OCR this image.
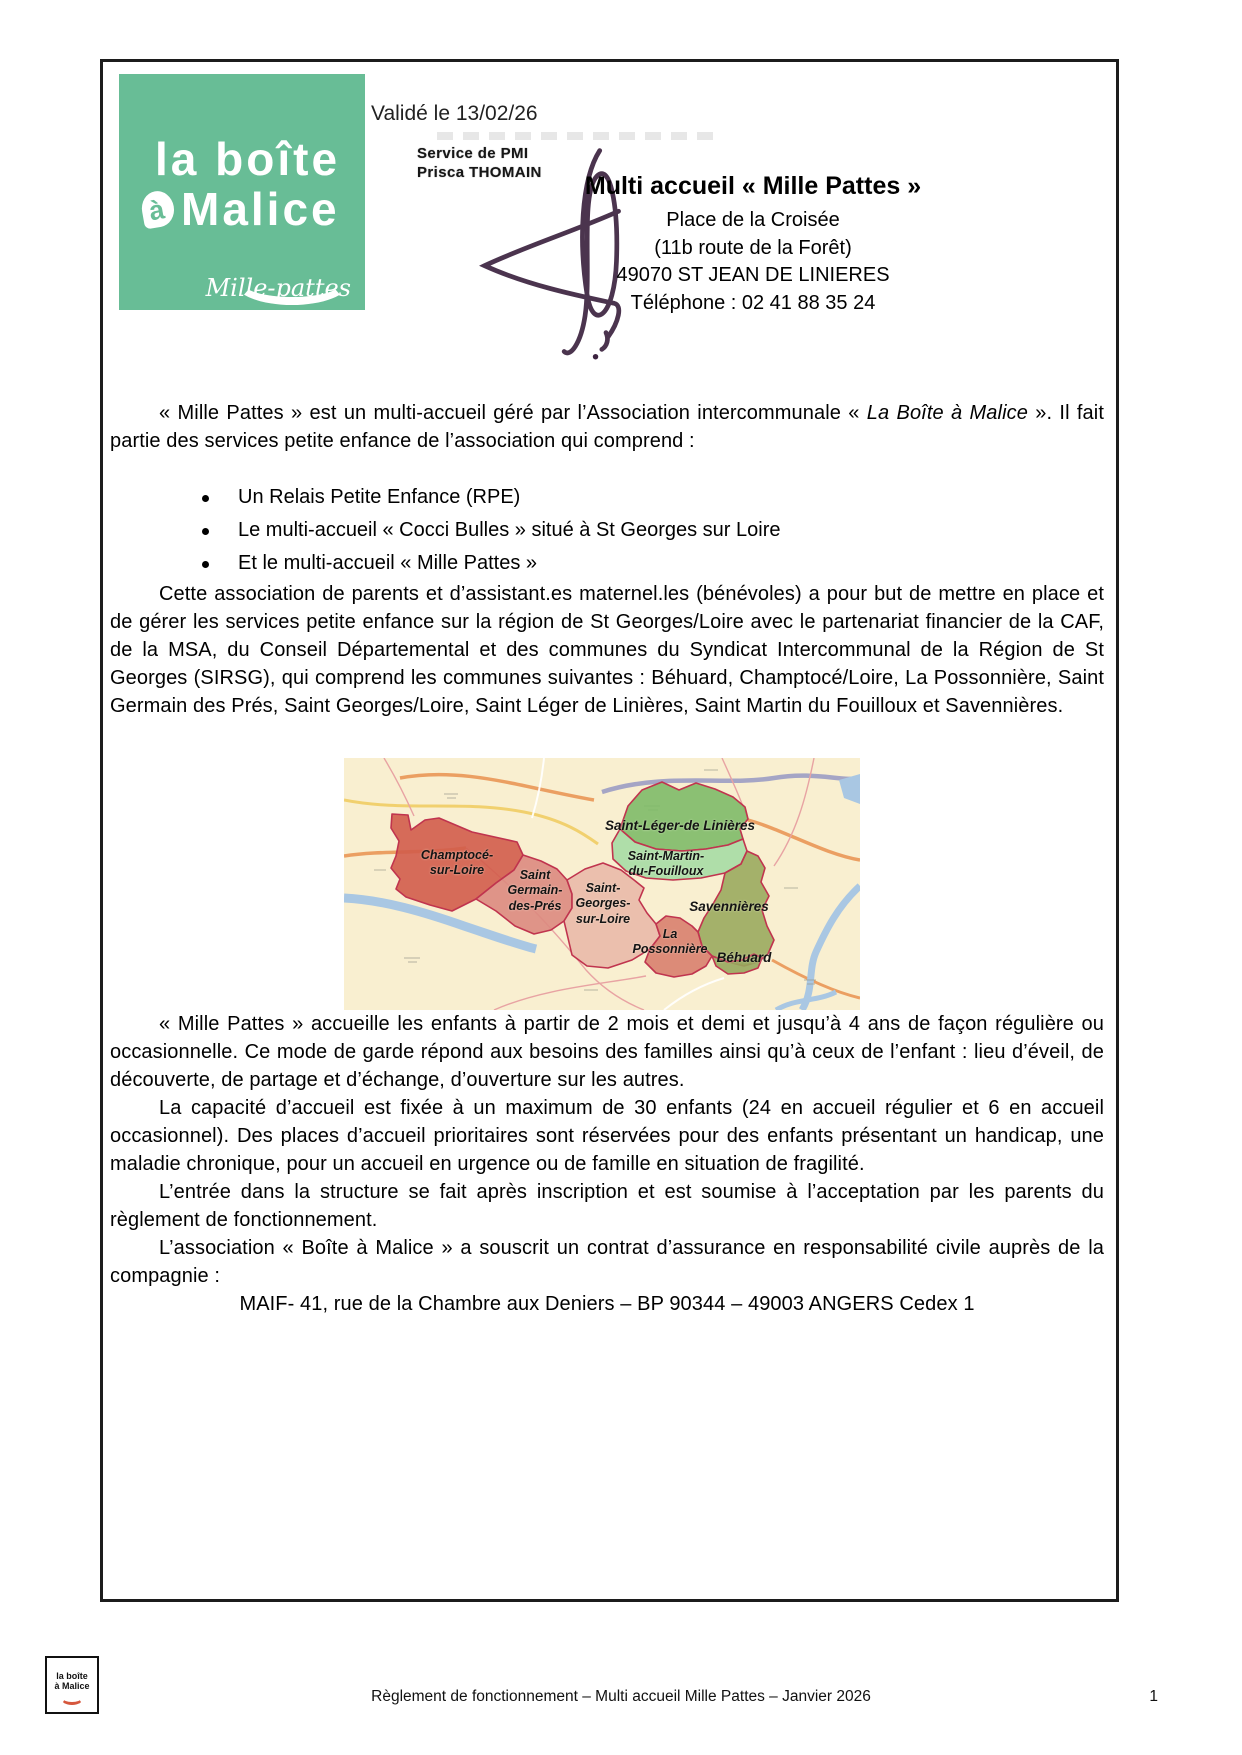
la boîte
à Malice
Mille-pattes
Validé le 13/02/26
Service de PMI
Prisca THOMAIN	Multi accueil « Mille Pattes »
Place de la Croisée
(11b route de la Forêt)
49070 ST JEAN DE LINIERES
Téléphone : 02 41 88 35 24

« Mille Pattes » est un multi-accueil géré par l’Association intercommunale « La Boîte à Malice ». Il fait partie des services petite enfance de l’association qui comprend :

Un Relais Petite Enfance (RPE)
Le multi-accueil « Cocci Bulles » situé à St Georges sur Loire
Et le multi-accueil « Mille Pattes »

Cette association de parents et d’assistant.es maternel.les (bénévoles) a pour but de mettre en place et de gérer les services petite enfance sur la région de St Georges/Loire avec le partenariat financier de la CAF, de la MSA, du Conseil Départemental et des communes du Syndicat Intercommunal de la Région de St Georges (SIRSG), qui comprend les communes suivantes : Béhuard, Champtocé/Loire, La Possonnière, Saint Germain des Prés, Saint Georges/Loire, Saint Léger de Linières, Saint Martin du Fouilloux et Savennières.

Champtocé-
sur-Loire	Saint
Germain-
des-Prés
Saint-
Georges-
sur-Loire
Saint-Léger-de Linières
Saint-Martin-
du-Fouilloux
Savennières
La
Possonnière
Béhuard

« Mille Pattes » accueille les enfants à partir de 2 mois et demi et jusqu’à 4 ans de façon régulière ou occasionnelle. Ce mode de garde répond aux besoins des familles ainsi qu’à ceux de l’enfant : lieu d’éveil, de découverte, de partage et d’échange, d’ouverture sur les autres.

La capacité d’accueil est fixée à un maximum de 30 enfants (24 en accueil régulier et 6 en accueil occasionnel). Des places d’accueil prioritaires sont réservées pour des enfants présentant un handicap, une maladie chronique, pour un accueil en urgence ou de famille en situation de fragilité.

L’entrée dans la structure se fait après inscription et est soumise à l’acceptation par les parents du règlement de fonctionnement.

L’association « Boîte à Malice » a souscrit un contrat d’assurance en responsabilité civile auprès de la compagnie :

MAIF- 41, rue de la Chambre aux Deniers – BP 90344 – 49003 ANGERS Cedex 1

la boîte
à Malice
Règlement de fonctionnement – Multi accueil Mille Pattes – Janvier 2026	1
